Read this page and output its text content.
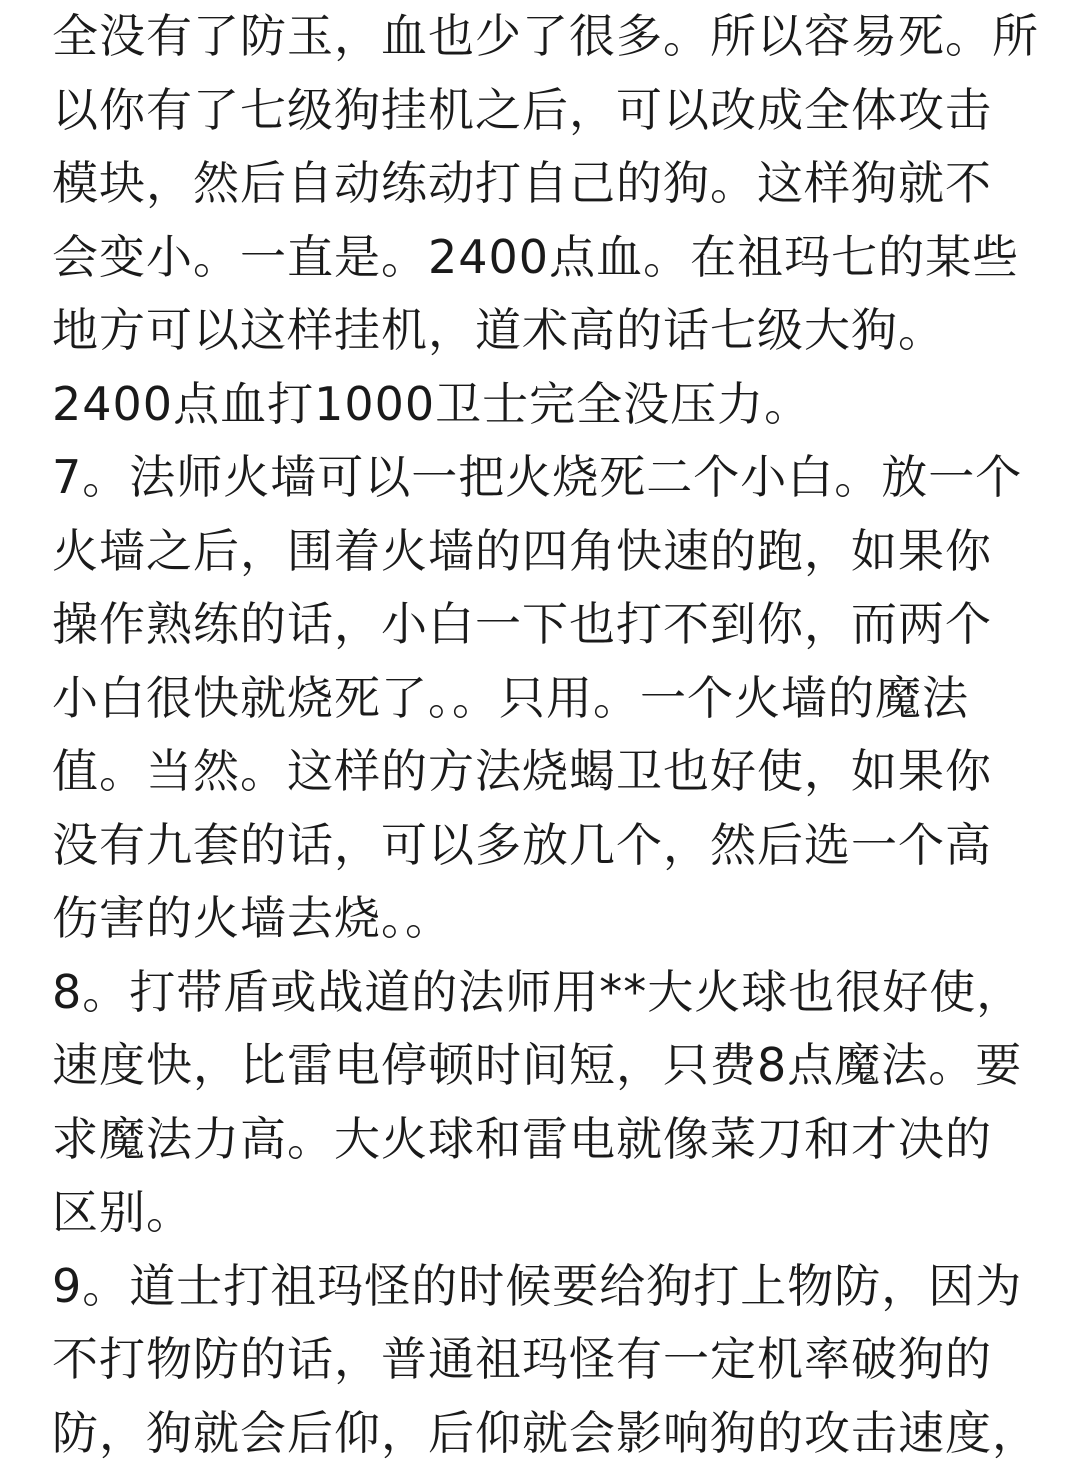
全没有了防玉，血也少了很多。所以容易死。所
以你有了七级狗挂机之后，可以改成全体攻击
模块，然后自动练动打自己的狗。这样狗就不
会变小。一直是。2400点血。在祖玛七的某些
地方可以这样挂机，道术高的话七级大狗。
2400点血打1000卫士完全没压力。
7。法师火墙可以一把火烧死二个小白。放一个
火墙之后，围着火墙的四角快速的跑，如果你
操作熟练的话，小白一下也打不到你，而两个
小白很快就烧死了。。只用。一个火墙的魔法
值。当然。这样的方法烧蝎卫也好使，如果你
没有九套的话，可以多放几个，然后选一个高
伤害的火墙去烧。。
8。打带盾或战道的法师用**大火球也很好使，
速度快，比雷电停顿时间短，只费8点魔法。要
求魔法力高。大火球和雷电就像菜刀和才决的
区别。
9。道士打祖玛怪的时候要给狗打上物防，因为
不打物防的话，普通祖玛怪有一定机率破狗的
防，狗就会后仰，后仰就会影响狗的攻击速度，
